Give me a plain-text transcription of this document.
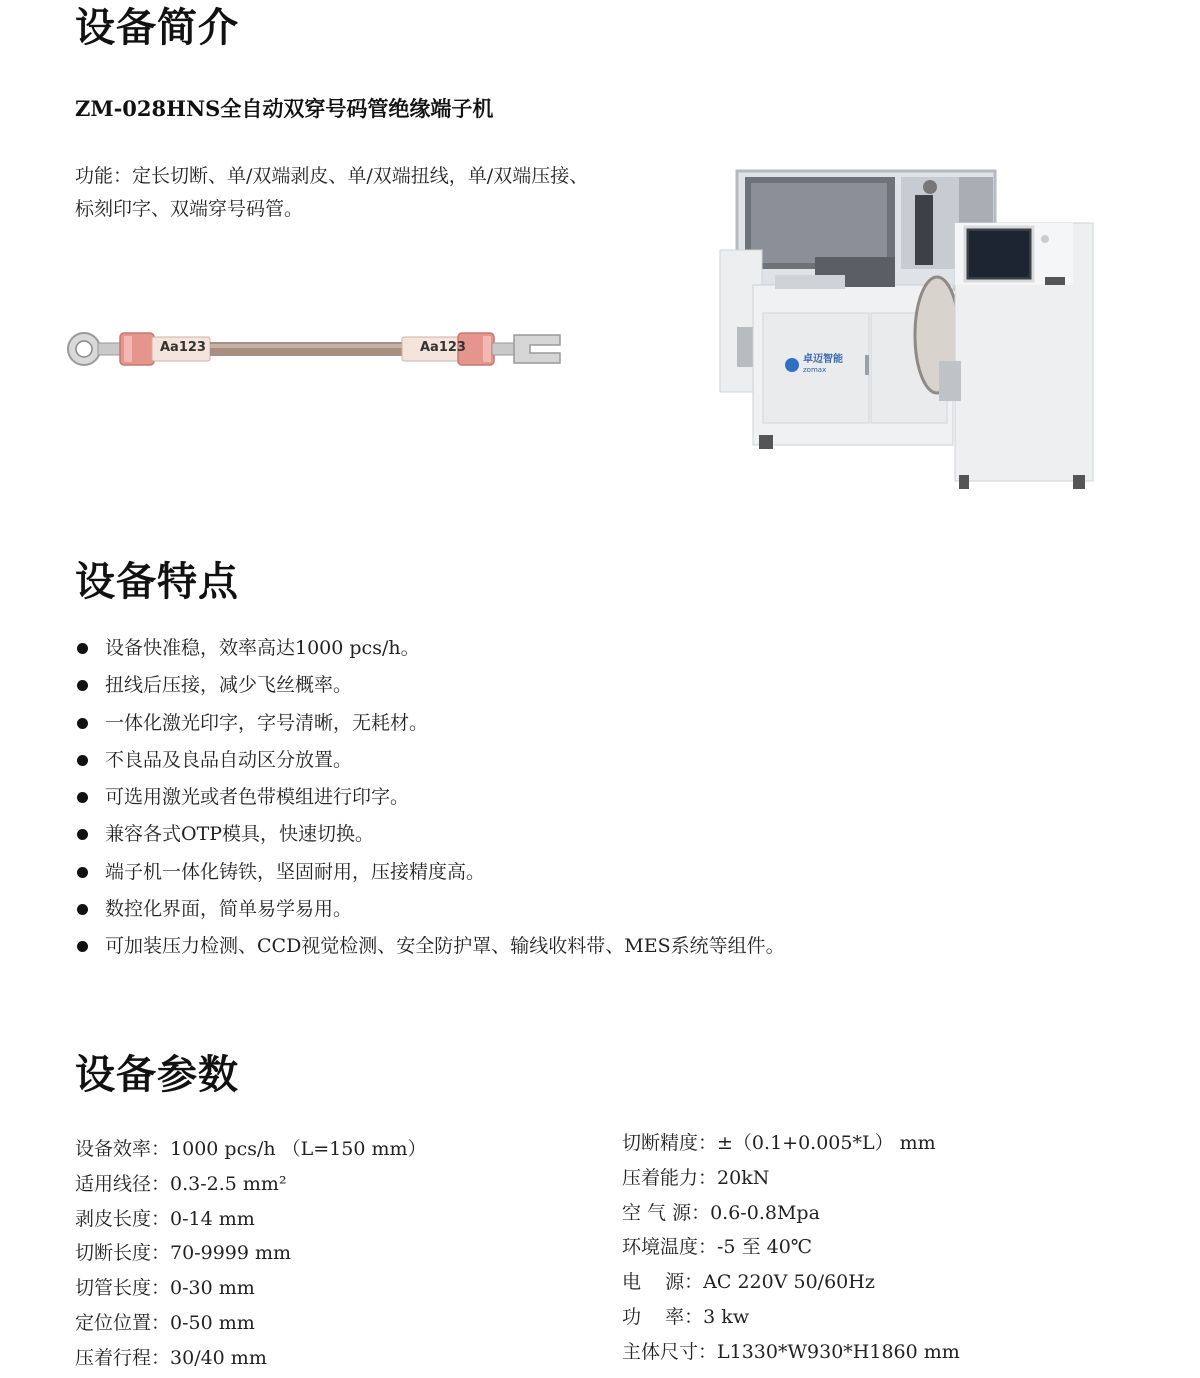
设备简介
ZM-028HNS全自动双穿号码管绝缘端子机
功能：定长切断、单/双端剥皮、单/双端扭线，单/双端压接、标刻印字、双端穿号码管。
Aa123	Aa123
卓迈智能
zomax
设备特点
设备快准稳，效率高达1000 pcs/h。
扭线后压接，减少飞丝概率。
一体化激光印字，字号清晰，无耗材。
不良品及良品自动区分放置。
可选用激光或者色带模组进行印字。
兼容各式OTP模具，快速切换。
端子机一体化铸铁，坚固耐用，压接精度高。
数控化界面，简单易学易用。
可加装压力检测、CCD视觉检测、安全防护罩、输线收料带、MES系统等组件。
设备参数
设备效率：1000 pcs/h （L=150 mm）
适用线径：0.3-2.5 mm²
剥皮长度：0-14 mm
切断长度：70-9999 mm
切管长度：0-30 mm
定位位置：0-50 mm
压着行程：30/40 mm
切断精度：±（0.1+0.005*L） mm
压着能力：20kN
空 气 源：0.6-0.8Mpa
环境温度：-5 至 40℃
电    源：AC 220V 50/60Hz
功    率：3 kw
主体尺寸：L1330*W930*H1860 mm
